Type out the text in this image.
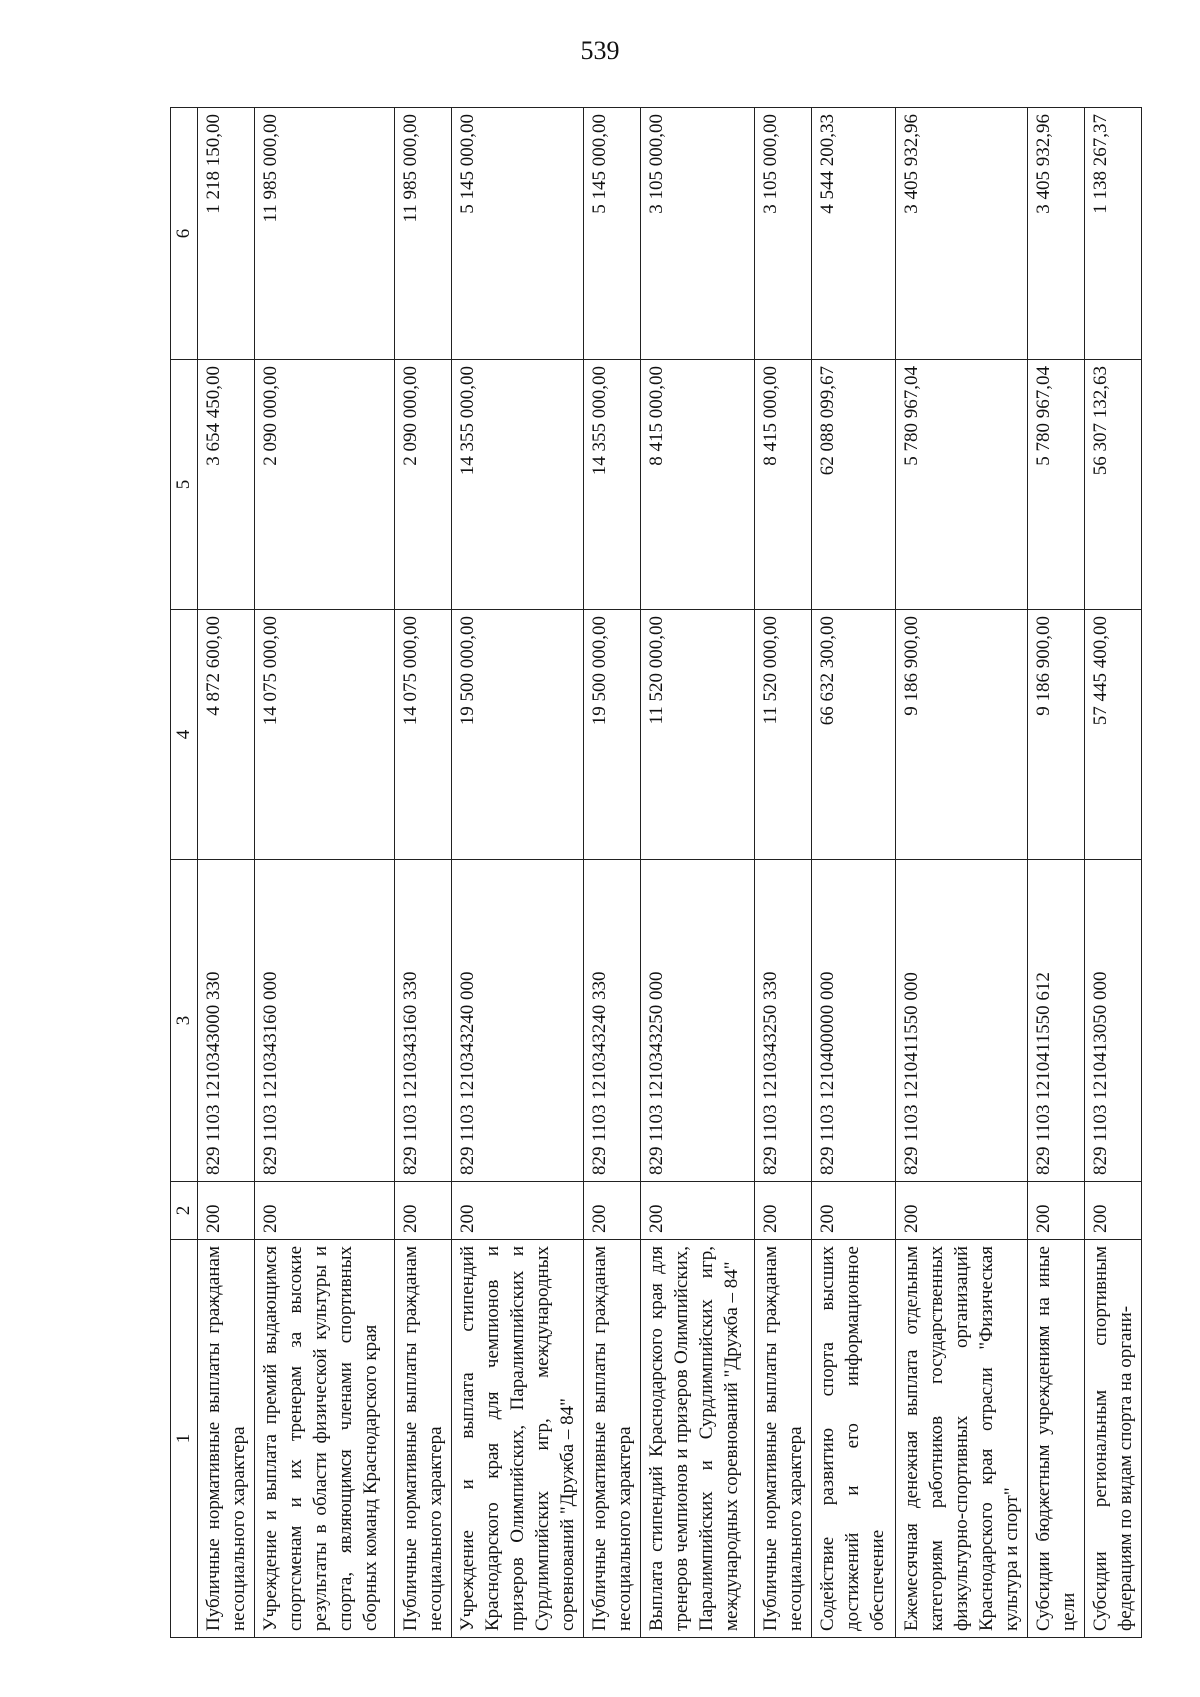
539
1	2	3	4	5	6
Публичные нормативные выплаты гражданам несоциального характера	200	829 1103 1210343000 330	4 872 600,00	3 654 450,00	1 218 150,00
Учреждение и выплата премий выдающимся спортсменам и их тренерам за высокие результаты в области физической культуры и спорта, являющимся членами спортивных сборных команд Краснодарского края	200	829 1103 1210343160 000	14 075 000,00	2 090 000,00	11 985 000,00
Публичные нормативные выплаты гражданам несоциального характера	200	829 1103 1210343160 330	14 075 000,00	2 090 000,00	11 985 000,00
Учреждение и выплата стипендий Краснодарского края для чемпионов и призеров Олимпийских, Паралимпийских и Сурдлимпийских игр, международных соревнований "Дружба – 84"	200	829 1103 1210343240 000	19 500 000,00	14 355 000,00	5 145 000,00
Публичные нормативные выплаты гражданам несоциального характера	200	829 1103 1210343240 330	19 500 000,00	14 355 000,00	5 145 000,00
Выплата стипендий Краснодарского края для тренеров чемпионов и призеров Олимпийских, Паралимпийских и Сурдлимпийских игр, международных соревнований "Дружба – 84"	200	829 1103 1210343250 000	11 520 000,00	8 415 000,00	3 105 000,00
Публичные нормативные выплаты гражданам несоциального характера	200	829 1103 1210343250 330	11 520 000,00	8 415 000,00	3 105 000,00
Содействие развитию спорта высших достижений и его информационное обеспечение	200	829 1103 1210400000 000	66 632 300,00	62 088 099,67	4 544 200,33
Ежемесячная денежная выплата отдельным категориям работников государственных физкультурно-спортивных организаций Краснодарского края отрасли "Физическая культура и спорт"	200	829 1103 1210411550 000	9 186 900,00	5 780 967,04	3 405 932,96
Субсидии бюджетным учреждениям на иные цели	200	829 1103 1210411550 612	9 186 900,00	5 780 967,04	3 405 932,96
Субсидии региональным спортивным федерациям по видам спорта на органи-	200	829 1103 1210413050 000	57 445 400,00	56 307 132,63	1 138 267,37
